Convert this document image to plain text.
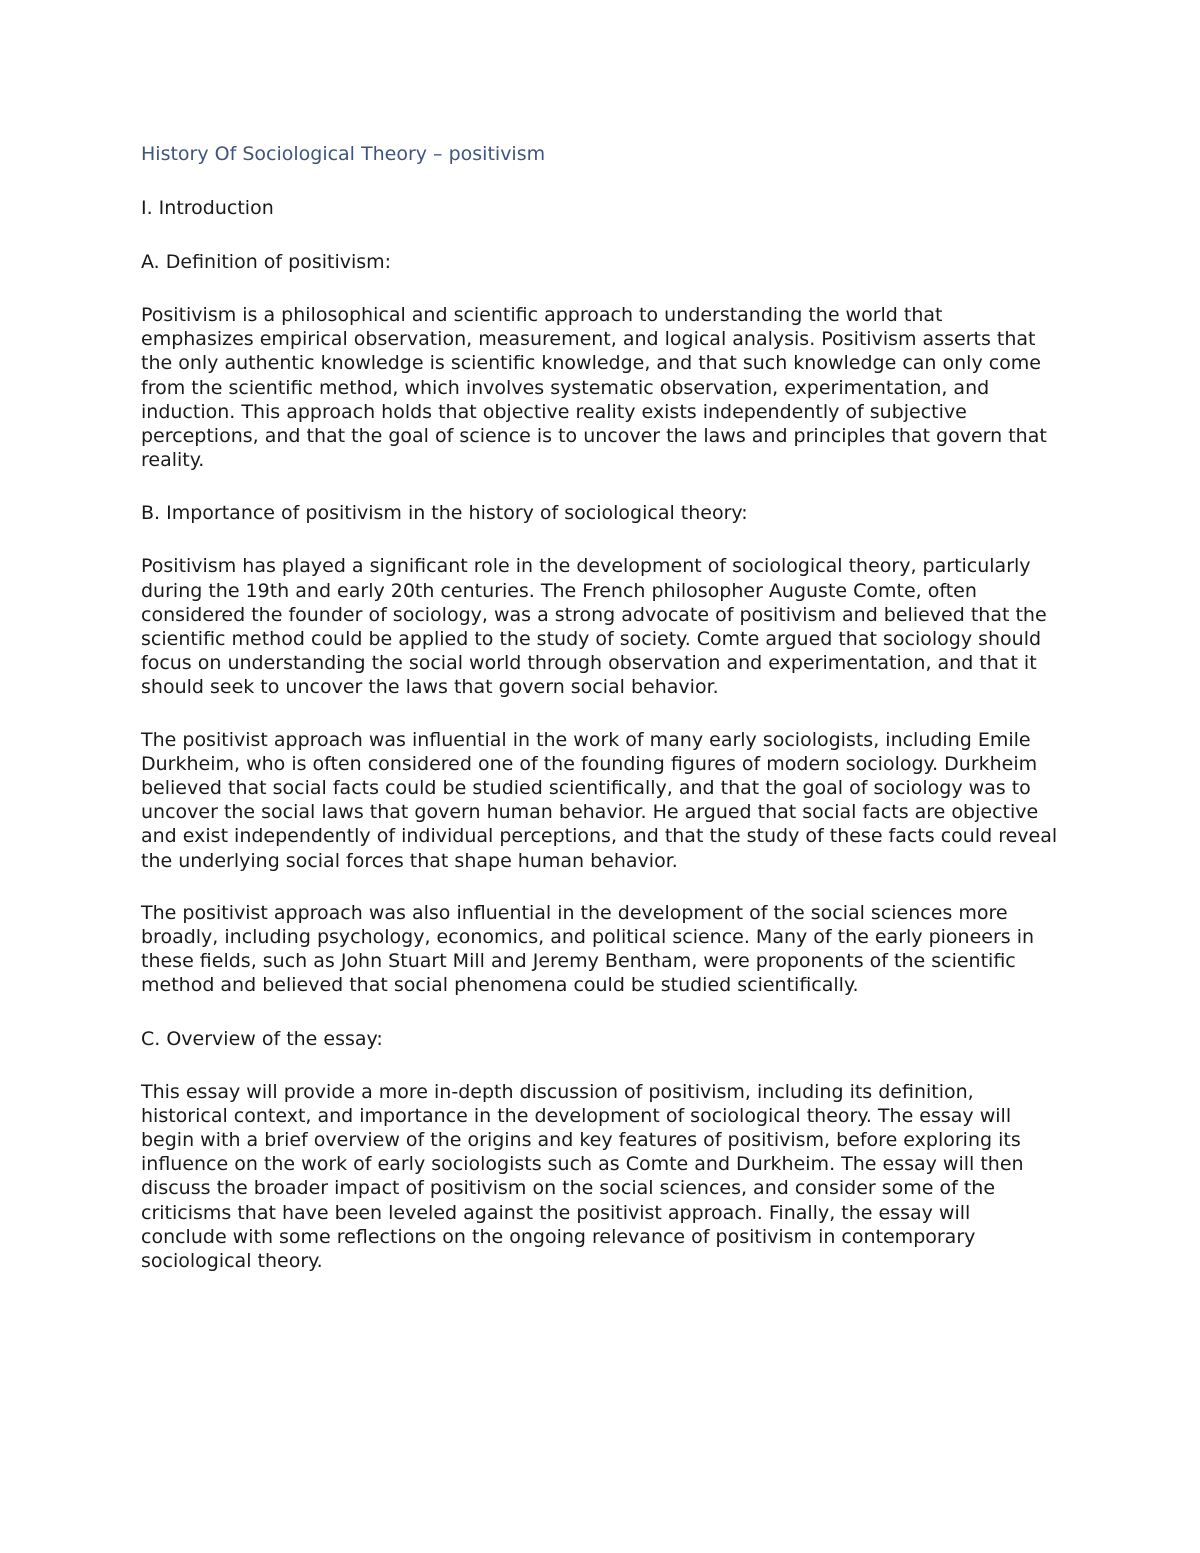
History Of Sociological Theory – positivism
I. Introduction
A. Definition of positivism:

Positivism is a philosophical and scientific approach to understanding the world that emphasizes empirical observation, measurement, and logical analysis. Positivism asserts that the only authentic knowledge is scientific knowledge, and that such knowledge can only come from the scientific method, which involves systematic observation, experimentation, and induction. This approach holds that objective reality exists independently of subjective perceptions, and that the goal of science is to uncover the laws and principles that govern that reality.

B. Importance of positivism in the history of sociological theory:

Positivism has played a significant role in the development of sociological theory, particularly during the 19th and early 20th centuries. The French philosopher Auguste Comte, often considered the founder of sociology, was a strong advocate of positivism and believed that the scientific method could be applied to the study of society. Comte argued that sociology should focus on understanding the social world through observation and experimentation, and that it should seek to uncover the laws that govern social behavior.

The positivist approach was influential in the work of many early sociologists, including Emile Durkheim, who is often considered one of the founding figures of modern sociology. Durkheim believed that social facts could be studied scientifically, and that the goal of sociology was to uncover the social laws that govern human behavior. He argued that social facts are objective and exist independently of individual perceptions, and that the study of these facts could reveal the underlying social forces that shape human behavior.

The positivist approach was also influential in the development of the social sciences more broadly, including psychology, economics, and political science. Many of the early pioneers in these fields, such as John Stuart Mill and Jeremy Bentham, were proponents of the scientific method and believed that social phenomena could be studied scientifically.

C. Overview of the essay:

This essay will provide a more in-depth discussion of positivism, including its definition, historical context, and importance in the development of sociological theory. The essay will begin with a brief overview of the origins and key features of positivism, before exploring its influence on the work of early sociologists such as Comte and Durkheim. The essay will then discuss the broader impact of positivism on the social sciences, and consider some of the criticisms that have been leveled against the positivist approach. Finally, the essay will conclude with some reflections on the ongoing relevance of positivism in contemporary sociological theory.
